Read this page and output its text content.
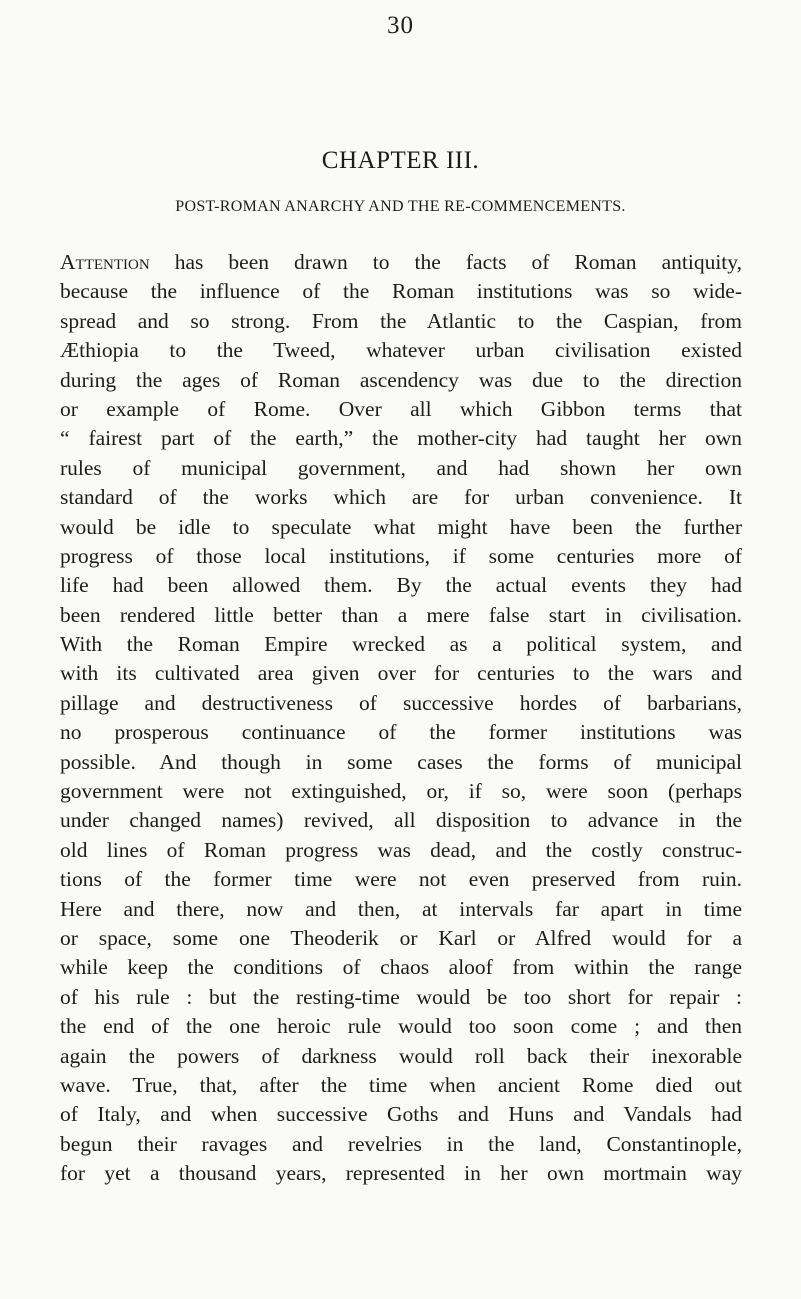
30
CHAPTER III.
POST-ROMAN ANARCHY AND THE RE-COMMENCEMENTS.
Attention has been drawn to the facts of Roman antiquity,
because the influence of the Roman institutions was so wide-
spread and so strong. From the Atlantic to the Caspian, from
Æthiopia to the Tweed, whatever urban civilisation existed
during the ages of Roman ascendency was due to the direction
or example of Rome. Over all which Gibbon terms that
“ fairest part of the earth,” the mother-city had taught her own
rules of municipal government, and had shown her own
standard of the works which are for urban convenience. It
would be idle to speculate what might have been the further
progress of those local institutions, if some centuries more of
life had been allowed them. By the actual events they had
been rendered little better than a mere false start in civilisation.
With the Roman Empire wrecked as a political system, and
with its cultivated area given over for centuries to the wars and
pillage and destructiveness of successive hordes of barbarians,
no prosperous continuance of the former institutions was
possible. And though in some cases the forms of municipal
government were not extinguished, or, if so, were soon (perhaps
under changed names) revived, all disposition to advance in the
old lines of Roman progress was dead, and the costly construc-
tions of the former time were not even preserved from ruin.
Here and there, now and then, at intervals far apart in time
or space, some one Theoderik or Karl or Alfred would for a
while keep the conditions of chaos aloof from within the range
of his rule : but the resting-time would be too short for repair :
the end of the one heroic rule would too soon come ; and then
again the powers of darkness would roll back their inexorable
wave. True, that, after the time when ancient Rome died out
of Italy, and when successive Goths and Huns and Vandals had
begun their ravages and revelries in the land, Constantinople,
for yet a thousand years, represented in her own mortmain way
